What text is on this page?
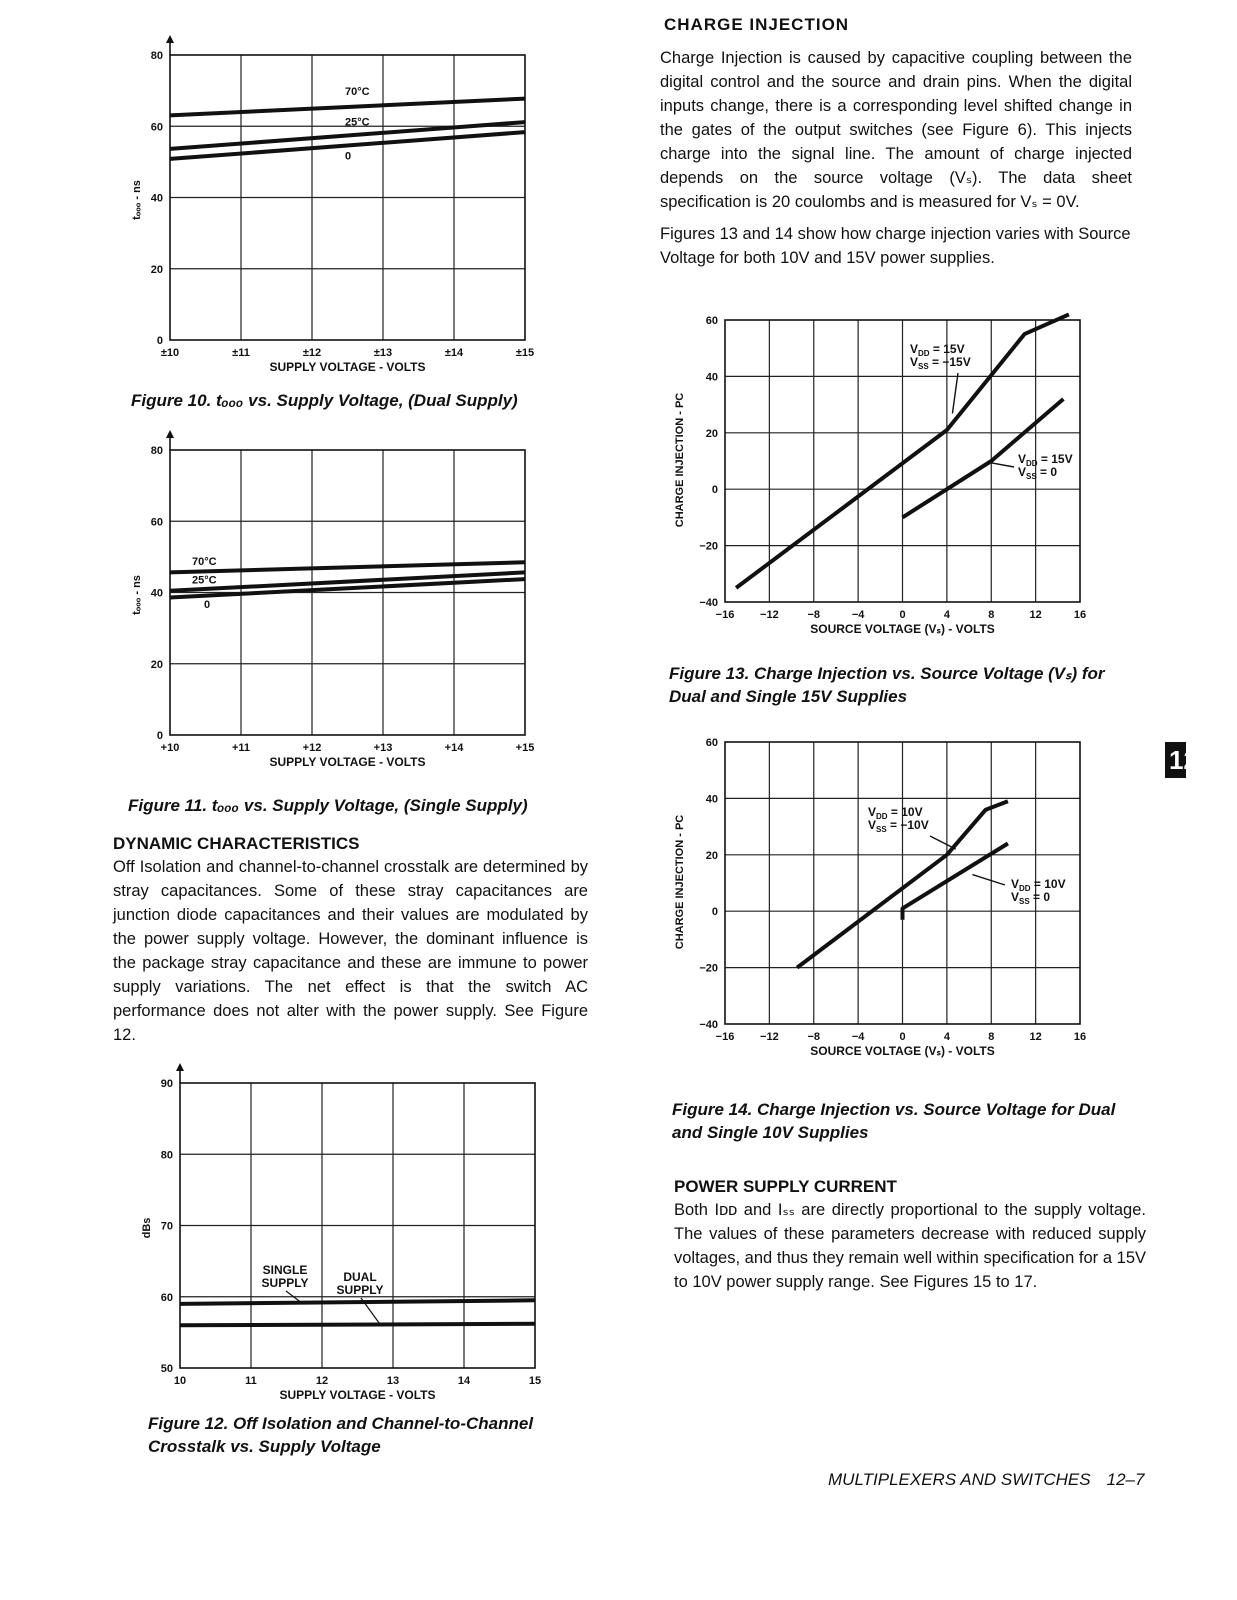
0
20
40
60
80
±10	±11	±12	±13	±14	±15
SUPPLY VOLTAGE - VOLTS
tₒₒₒ - ns
70°C
25°C
0
Figure 10. tₒₒₒ vs. Supply Voltage, (Dual Supply)
0
20
40
60
80
+10	+11	+12	+13	+14	+15
SUPPLY VOLTAGE - VOLTS
tₒₒₒ - ns
70°C
25°C
0
Figure 11. tₒₒₒ vs. Supply Voltage, (Single Supply)
DYNAMIC CHARACTERISTICS

Off Isolation and channel-to-channel crosstalk are determined by stray capacitances. Some of these stray capacitances are junction diode capacitances and their values are modulated by the power supply voltage. However, the dominant influence is the package stray capacitance and these are immune to power supply variations. The net effect is that the switch AC performance does not alter with the power supply. See Figure 12.

50
60
70
80
90
10	11	12	13	14	15
SUPPLY VOLTAGE - VOLTS
dBs
SINGLE SUPPLY	DUAL SUPPLY
Figure 12. Off Isolation and Channel-to-Channel Crosstalk vs. Supply Voltage
CHARGE INJECTION

Charge Injection is caused by capacitive coupling between the digital control and the source and drain pins. When the digital inputs change, there is a corresponding level shifted change in the gates of the output switches (see Figure 6). This injects charge into the signal line. The amount of charge injected depends on the source voltage (Vₛ). The data sheet specification is 20 coulombs and is measured for Vₛ = 0V.

Figures 13 and 14 show how charge injection varies with Source Voltage for both 10V and 15V power supplies.

−40
−20
0
20
40
60
−16 −12	−8	−4	0	4	8	12	16
SOURCE VOLTAGE (Vₛ) - VOLTS
CHARGE INJECTION - PC
$V_{DD} = 15V$
$V_{SS} = -15V$
$V_{DD} = 15V$
$V_{SS} = 0$
Figure 13. Charge Injection vs. Source Voltage (Vₛ) for Dual and Single 15V Supplies
−40
−20
0
20
40
60
−16 −12	−8	−4	0	4	8	12	16
SOURCE VOLTAGE (Vₛ) - VOLTS
CHARGE INJECTION - PC
$V_{DD} = 10V$
$V_{SS} = -10V$
$V_{DD} = 10V$
$V_{SS} = 0$
Figure 14. Charge Injection vs. Source Voltage for Dual and Single 10V Supplies
POWER SUPPLY CURRENT

Both Iᴅᴅ and Iₛₛ are directly proportional to the supply voltage. The values of these parameters decrease with reduced supply voltages, and thus they remain well within specification for a 15V to 10V power supply range. See Figures 15 to 17.

12
MULTIPLEXERS AND SWITCHES 12–7
